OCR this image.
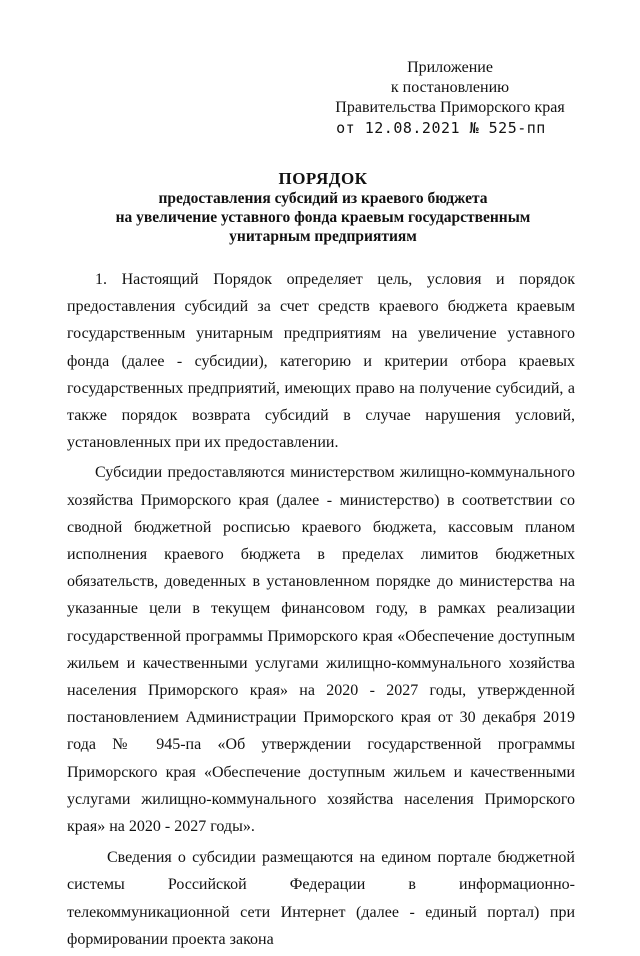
Приложение
к постановлению
Правительства Приморского края
от 12.08.2021 № 525-пп
ПОРЯДОК
предоставления субсидий из краевого бюджета
на увеличение уставного фонда краевым государственным
унитарным предприятиям

1. Настоящий Порядок определяет цель, условия и порядок предоставления субсидий за счет средств краевого бюджета краевым государственным унитарным предприятиям на увеличение уставного фонда (далее - субсидии), категорию и критерии отбора краевых государственных предприятий, имеющих право на получение субсидий, а также порядок возврата субсидий в случае нарушения условий, установленных при их предоставлении.

Субсидии предоставляются министерством жилищно-коммунального хозяйства Приморского края (далее - министерство) в соответствии со сводной бюджетной росписью краевого бюджета, кассовым планом исполнения краевого бюджета в пределах лимитов бюджетных обязательств, доведенных в установленном порядке до министерства на указанные цели в текущем финансовом году, в рамках реализации государственной программы Приморского края «Обеспечение доступным жильем и качественными услугами жилищно-коммунального хозяйства населения Приморского края» на 2020 - 2027 годы, утвержденной постановлением Администрации Приморского края от 30 декабря 2019 года № 945-па «Об утверждении государственной программы Приморского края «Обеспечение доступным жильем и качественными услугами жилищно-коммунального хозяйства населения Приморского края» на 2020 - 2027 годы».

Сведения о субсидии размещаются на едином портале бюджетной системы Российской Федерации в информационно-телекоммуникационной сети Интернет (далее - единый портал) при формировании проекта закона
